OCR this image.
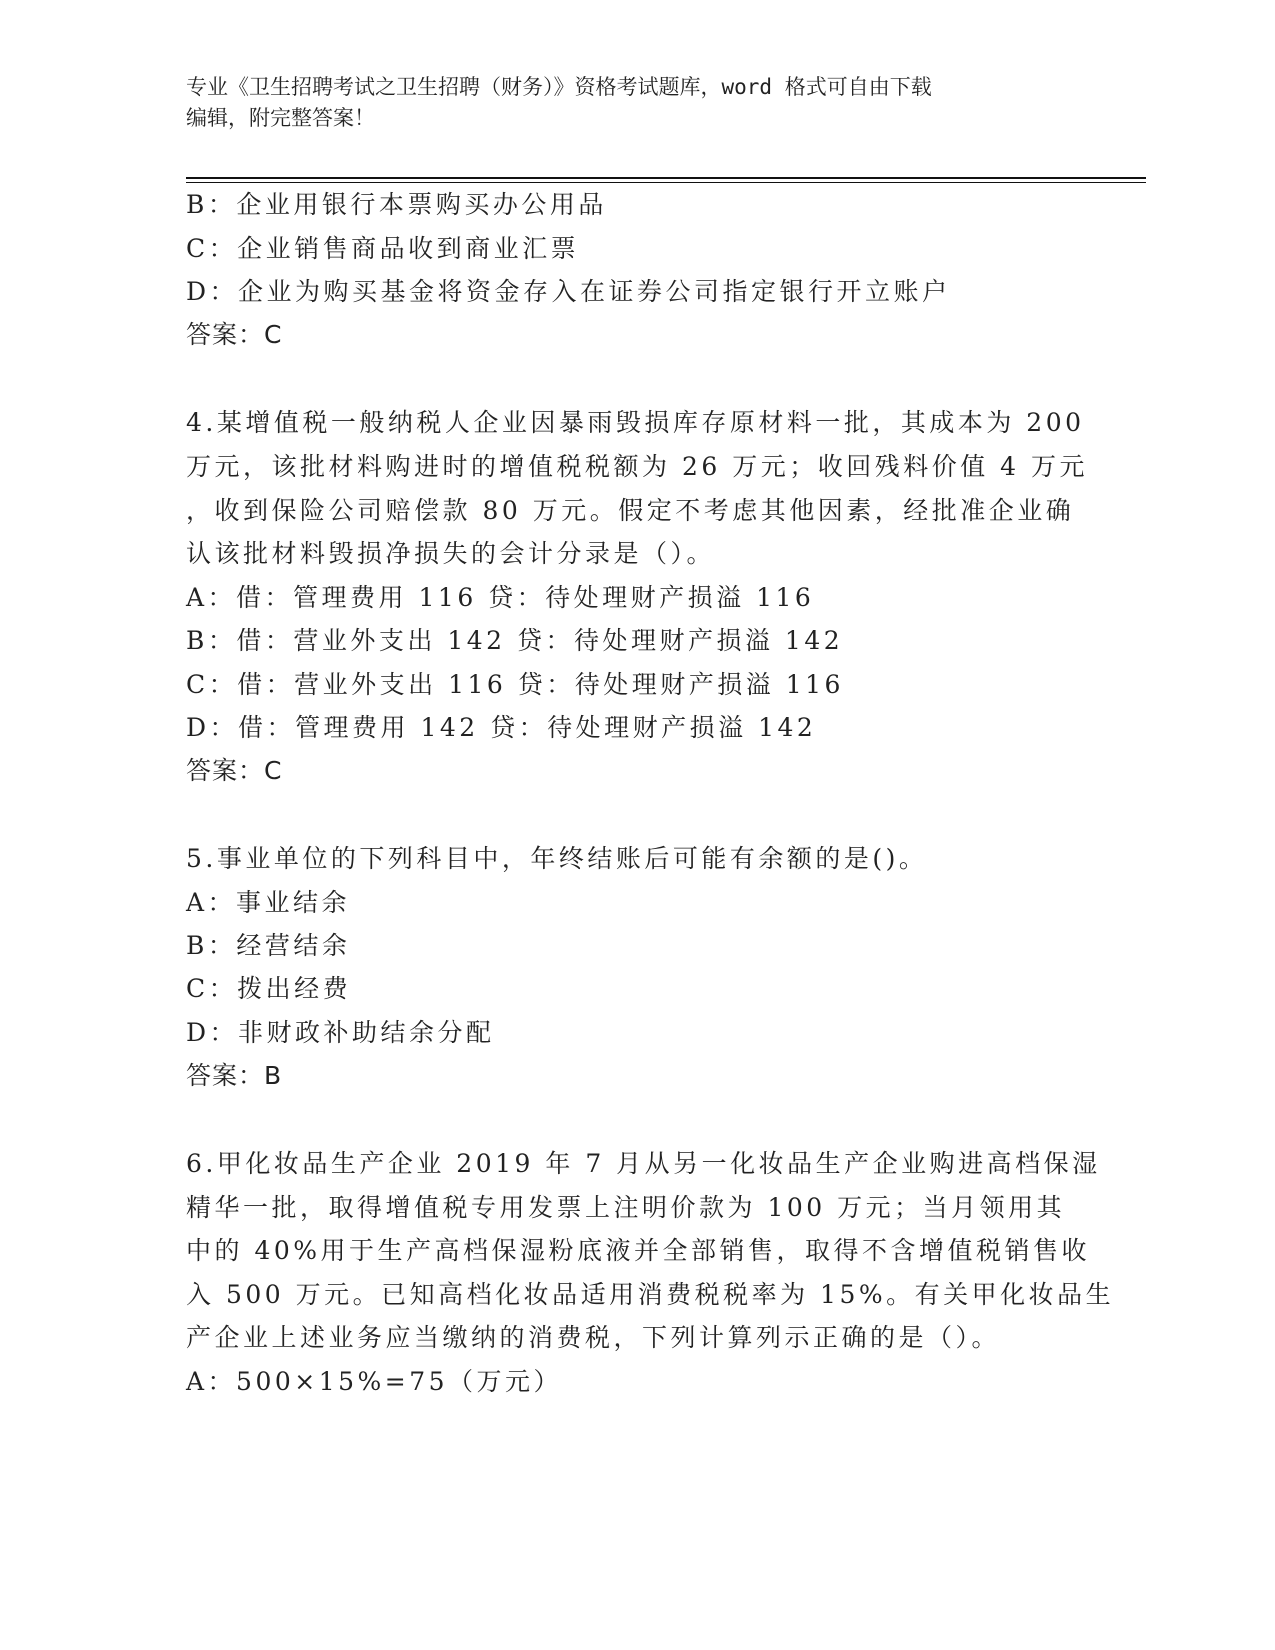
专业《卫生招聘考试之卫生招聘（财务）》资格考试题库，word 格式可自由下载
编辑，附完整答案！
B：企业用银行本票购买办公用品
C：企业销售商品收到商业汇票
D：企业为购买基金将资金存入在证券公司指定银行开立账户
答案：C
4.某增值税一般纳税人企业因暴雨毁损库存原材料一批，其成本为 200
万元，该批材料购进时的增值税税额为 26 万元；收回残料价值 4 万元
，收到保险公司赔偿款 80 万元。假定不考虑其他因素，经批准企业确
认该批材料毁损净损失的会计分录是（）。
A：借：管理费用 116 贷：待处理财产损溢 116
B：借：营业外支出 142 贷：待处理财产损溢 142
C：借：营业外支出 116 贷：待处理财产损溢 116
D：借：管理费用 142 贷：待处理财产损溢 142
答案：C
5.事业单位的下列科目中，年终结账后可能有余额的是()。
A：事业结余
B：经营结余
C：拨出经费
D：非财政补助结余分配
答案：B
6.甲化妆品生产企业 2019 年 7 月从另一化妆品生产企业购进高档保湿
精华一批，取得增值税专用发票上注明价款为 100 万元；当月领用其
中的 40%用于生产高档保湿粉底液并全部销售，取得不含增值税销售收
入 500 万元。已知高档化妆品适用消费税税率为 15%。有关甲化妆品生
产企业上述业务应当缴纳的消费税，下列计算列示正确的是（）。
A：500×15%=75（万元）
